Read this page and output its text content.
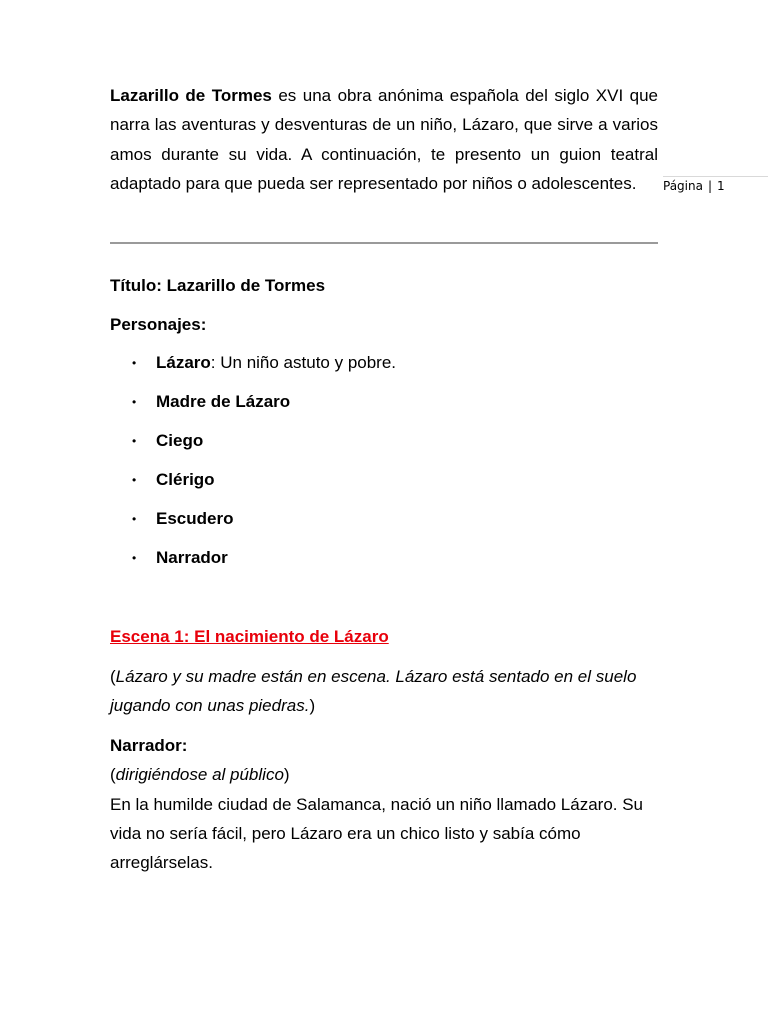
Página | 1

Lazarillo de Tormes es una obra anónima española del siglo XVI que narra las aventuras y desventuras de un niño, Lázaro, que sirve a varios amos durante su vida. A continuación, te presento un guion teatral adaptado para que pueda ser representado por niños o adolescentes.

Título: Lazarillo de Tormes
Personajes:
• Lázaro: Un niño astuto y pobre.
• Madre de Lázaro
• Ciego
• Clérigo
• Escudero
• Narrador
Escena 1: El nacimiento de Lázaro

(Lázaro y su madre están en escena. Lázaro está sentado en el suelo jugando con unas piedras.)

Narrador:
(dirigiéndose al público)
En la humilde ciudad de Salamanca, nació un niño llamado Lázaro. Su vida no sería fácil, pero Lázaro era un chico listo y sabía cómo arreglárselas.
